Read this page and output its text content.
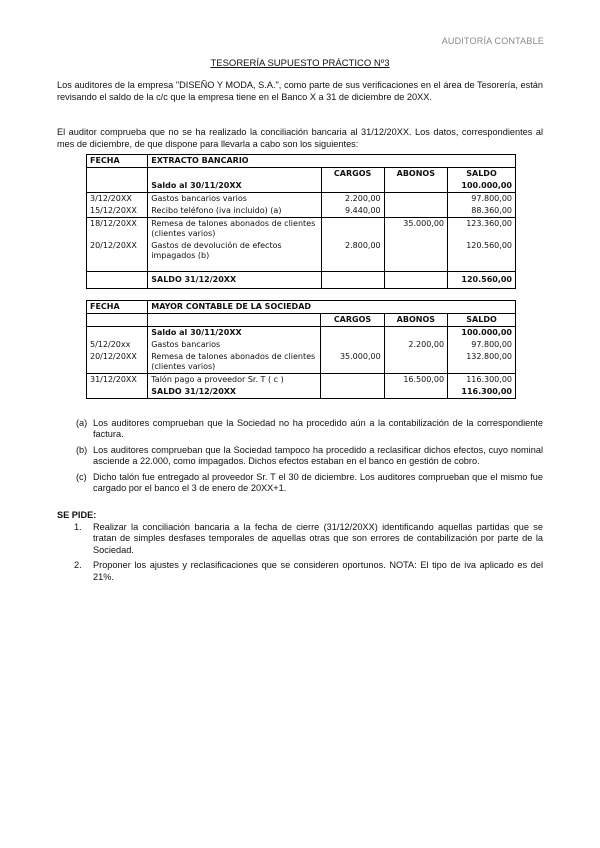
AUDITORÍA CONTABLE
TESORERÍA SUPUESTO PRÁCTICO Nº3
Los auditores de la empresa "DISEÑO Y MODA, S.A.", como parte de sus verificaciones en el área de Tesorería, están revisando el saldo de la c/c que la empresa tiene en el Banco X a 31 de diciembre de 20XX.
El auditor comprueba que no se ha realizado la conciliación bancaria al 31/12/20XX. Los datos, correspondientes al mes de diciembre, de que dispone para llevarla a cabo son los siguientes:
FECHA	EXTRACTO BANCARIO			
		CARGOS	ABONOS	SALDO
	Saldo al 30/11/20XX			100.000,00
3/12/20XX	Gastos bancarios varios	2.200,00		97.800,00
15/12/20XX	Recibo teléfono (iva incluido) (a)	9.440,00		88.360,00
18/12/20XX	Remesa de talones abonados de clientes (clientes varios)		35.000,00	123.360,00
20/12/20XX	Gastos de devolución de efectos impagados (b)	2.800,00		120.560,00
	SALDO 31/12/20XX			120.560,00
FECHA	MAYOR CONTABLE DE LA SOCIEDAD			
		CARGOS	ABONOS	SALDO
	Saldo al 30/11/20XX			100.000,00
5/12/20xx	Gastos bancarios		2.200,00	97.800,00
20/12/20XX	Remesa de talones abonados de clientes (clientes varios)	35.000,00		132.800,00
31/12/20XX	Talón pago a proveedor Sr. T ( c )		16.500,00	116.300,00
	SALDO 31/12/20XX			116.300,00
(a) Los auditores comprueban que la Sociedad no ha procedido aún a la contabilización de la correspondiente factura.
(b) Los auditores comprueban que la Sociedad tampoco ha procedido a reclasificar dichos efectos, cuyo nominal asciende a 22.000, como impagados. Dichos efectos estaban en el banco en gestión de cobro.
(c) Dicho talón fue entregado al proveedor Sr. T el 30 de diciembre. Los auditores comprueban que el mismo fue cargado por el banco el 3 de enero de 20XX+1.
SE PIDE:
1.	Realizar la conciliación bancaria a la fecha de cierre (31/12/20XX) identificando aquellas partidas que se tratan de simples desfases temporales de aquellas otras que son errores de contabilización por parte de la Sociedad.
2.	Proponer los ajustes y reclasificaciones que se consideren oportunos. NOTA: El tipo de iva aplicado es del 21%.
